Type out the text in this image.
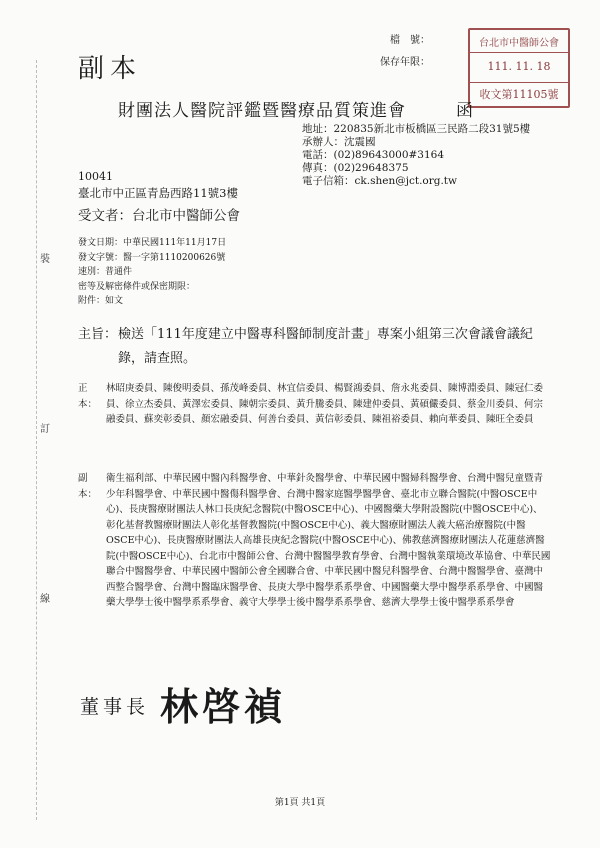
裝
訂
線
副本
檔　號：
保存年限：
台北市中醫師公會
111. 11. 18
收文第11105號
財團法人醫院評鑑暨醫療品質策進會	函
地址：220835新北市板橋區三民路二段31號5樓
承辦人：沈震國
電話：(02)89643000#3164
傳真：(02)29648375
電子信箱：ck.shen@jct.org.tw
10041
臺北市中正區青島西路11號3樓
受文者：台北市中醫師公會
發文日期：中華民國111年11月17日
發文字號：醫一字第1110200626號
速別：普通件
密等及解密條件或保密期限：
附件：如文
主旨：檢送「111年度建立中醫專科醫師制度計畫」專案小組第三次會議會議紀錄，請查照。
正本：
林昭庚委員、陳俊明委員、孫茂峰委員、林宜信委員、楊賢鴻委員、詹永兆委員、陳博淵委員、陳冠仁委員、徐立杰委員、黃澤宏委員、陳朝宗委員、黃升騰委員、陳建仲委員、黃碩儼委員、蔡金川委員、何宗融委員、蘇奕彰委員、顏宏融委員、何善台委員、黃信彰委員、陳祖裕委員、賴向華委員、陳旺全委員
副本：
衛生福利部、中華民國中醫內科醫學會、中華針灸醫學會、中華民國中醫婦科醫學會、台灣中醫兒童暨青少年科醫學會、中華民國中醫傷科醫學會、台灣中醫家庭醫學醫學會、臺北市立聯合醫院(中醫OSCE中心)、長庚醫療財團法人林口長庚紀念醫院(中醫OSCE中心)、中國醫藥大學附設醫院(中醫OSCE中心)、彰化基督教醫療財團法人彰化基督教醫院(中醫OSCE中心)、義大醫療財團法人義大癌治療醫院(中醫OSCE中心)、長庚醫療財團法人高雄長庚紀念醫院(中醫OSCE中心)、佛教慈濟醫療財團法人花蓮慈濟醫院(中醫OSCE中心)、台北市中醫師公會、台灣中醫醫學教育學會、台灣中醫執業環境改革協會、中華民國聯合中醫醫學會、中華民國中醫師公會全國聯合會、中華民國中醫兒科醫學會、台灣中醫醫學會、臺灣中西整合醫學會、台灣中醫臨床醫學會、長庚大學中醫學系系學會、中國醫藥大學中醫學系系學會、中國醫藥大學學士後中醫學系系學會、義守大學學士後中醫學系系學會、慈濟大學學士後中醫學系系學會
董事長 林啓禎
第1頁 共1頁
